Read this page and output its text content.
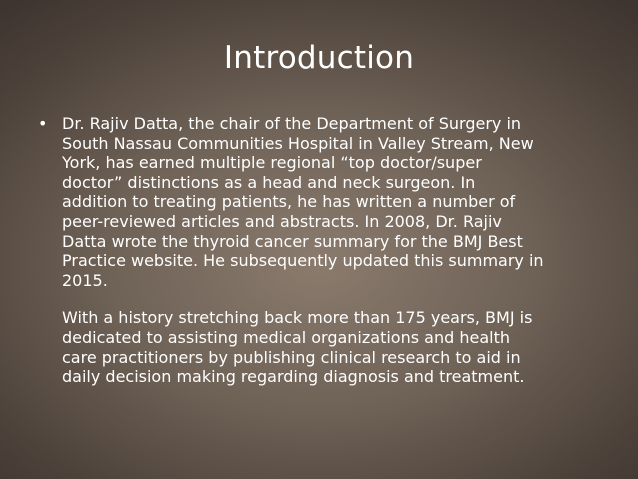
Introduction
• Dr. Rajiv Datta, the chair of the Department of Surgery in
South Nassau Communities Hospital in Valley Stream, New
York, has earned multiple regional “top doctor/super
doctor” distinctions as a head and neck surgeon. In
addition to treating patients, he has written a number of
peer-reviewed articles and abstracts. In 2008, Dr. Rajiv
Datta wrote the thyroid cancer summary for the BMJ Best
Practice website. He subsequently updated this summary in
2015.

With a history stretching back more than 175 years, BMJ is
dedicated to assisting medical organizations and health
care practitioners by publishing clinical research to aid in
daily decision making regarding diagnosis and treatment.
